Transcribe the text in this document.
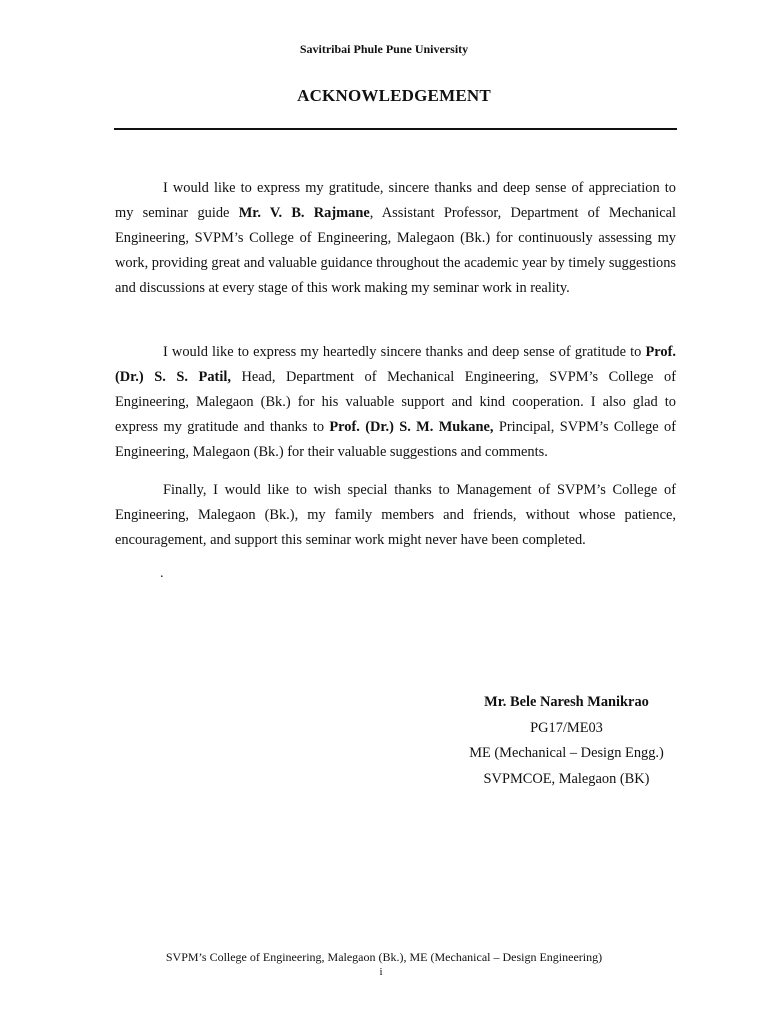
Savitribai Phule Pune University
ACKNOWLEDGEMENT

I would like to express my gratitude, sincere thanks and deep sense of appreciation to my seminar guide Mr. V. B. Rajmane, Assistant Professor, Department of Mechanical Engineering, SVPM’s College of Engineering, Malegaon (Bk.) for continuously assessing my work, providing great and valuable guidance throughout the academic year by timely suggestions and discussions at every stage of this work making my seminar work in reality.

I would like to express my heartedly sincere thanks and deep sense of gratitude to Prof. (Dr.) S. S. Patil, Head, Department of Mechanical Engineering, SVPM’s College of Engineering, Malegaon (Bk.) for his valuable support and kind cooperation. I also glad to express my gratitude and thanks to Prof. (Dr.) S. M. Mukane, Principal, SVPM’s College of Engineering, Malegaon (Bk.) for their valuable suggestions and comments.

Finally, I would like to wish special thanks to Management of SVPM’s College of Engineering, Malegaon (Bk.), my family members and friends, without whose patience, encouragement, and support this seminar work might never have been completed.

.
Mr. Bele Naresh Manikrao
PG17/ME03
ME (Mechanical – Design Engg.)
SVPMCOE, Malegaon (BK)
SVPM’s College of Engineering, Malegaon (Bk.), ME (Mechanical – Design Engineering)
i
